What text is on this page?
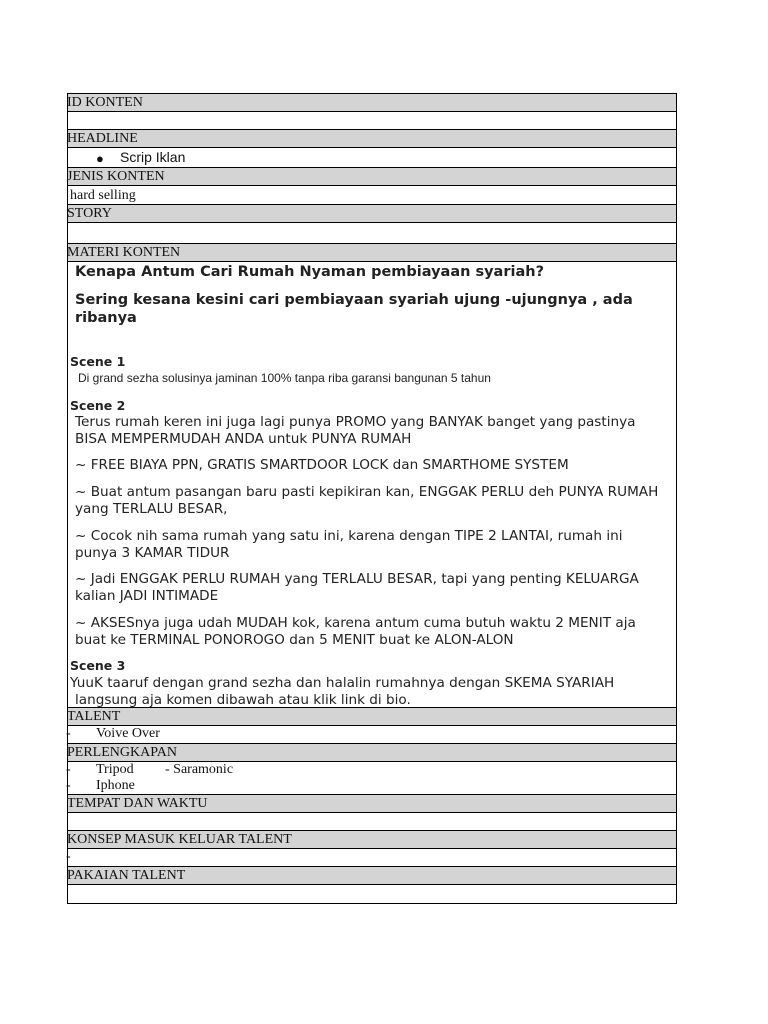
ID KONTEN
HEADLINE
● Scrip Iklan
JENIS KONTEN
hard selling
STORY
MATERI KONTEN
Kenapa Antum Cari Rumah Nyaman pembiayaan syariah?
Sering kesana kesini cari pembiayaan syariah ujung -ujungnya , ada
ribanya
Scene 1
Di grand sezha solusinya jaminan 100% tanpa riba garansi bangunan 5 tahun
Scene 2
Terus rumah keren ini juga lagi punya PROMO yang BANYAK banget yang pastinya
BISA MEMPERMUDAH ANDA untuk PUNYA RUMAH
~ FREE BIAYA PPN, GRATIS SMARTDOOR LOCK dan SMARTHOME SYSTEM
~ Buat antum pasangan baru pasti kepikiran kan, ENGGAK PERLU deh PUNYA RUMAH
yang TERLALU BESAR,
~ Cocok nih sama rumah yang satu ini, karena dengan TIPE 2 LANTAI, rumah ini
punya 3 KAMAR TIDUR
~ Jadi ENGGAK PERLU RUMAH yang TERLALU BESAR, tapi yang penting KELUARGA
kalian JADI INTIMADE
~ AKSESnya juga udah MUDAH kok, karena antum cuma butuh waktu 2 MENIT aja
buat ke TERMINAL PONOROGO dan 5 MENIT buat ke ALON-ALON
Scene 3
YuuK taaruf dengan grand sezha dan halalin rumahnya dengan SKEMA SYARIAH
langsung aja komen dibawah atau klik link di bio.
TALENT
- Voive Over
PERLENGKAPAN
- Tripod - Saramonic
- Iphone
TEMPAT DAN WAKTU
KONSEP MASUK KELUAR TALENT
-
PAKAIAN TALENT
